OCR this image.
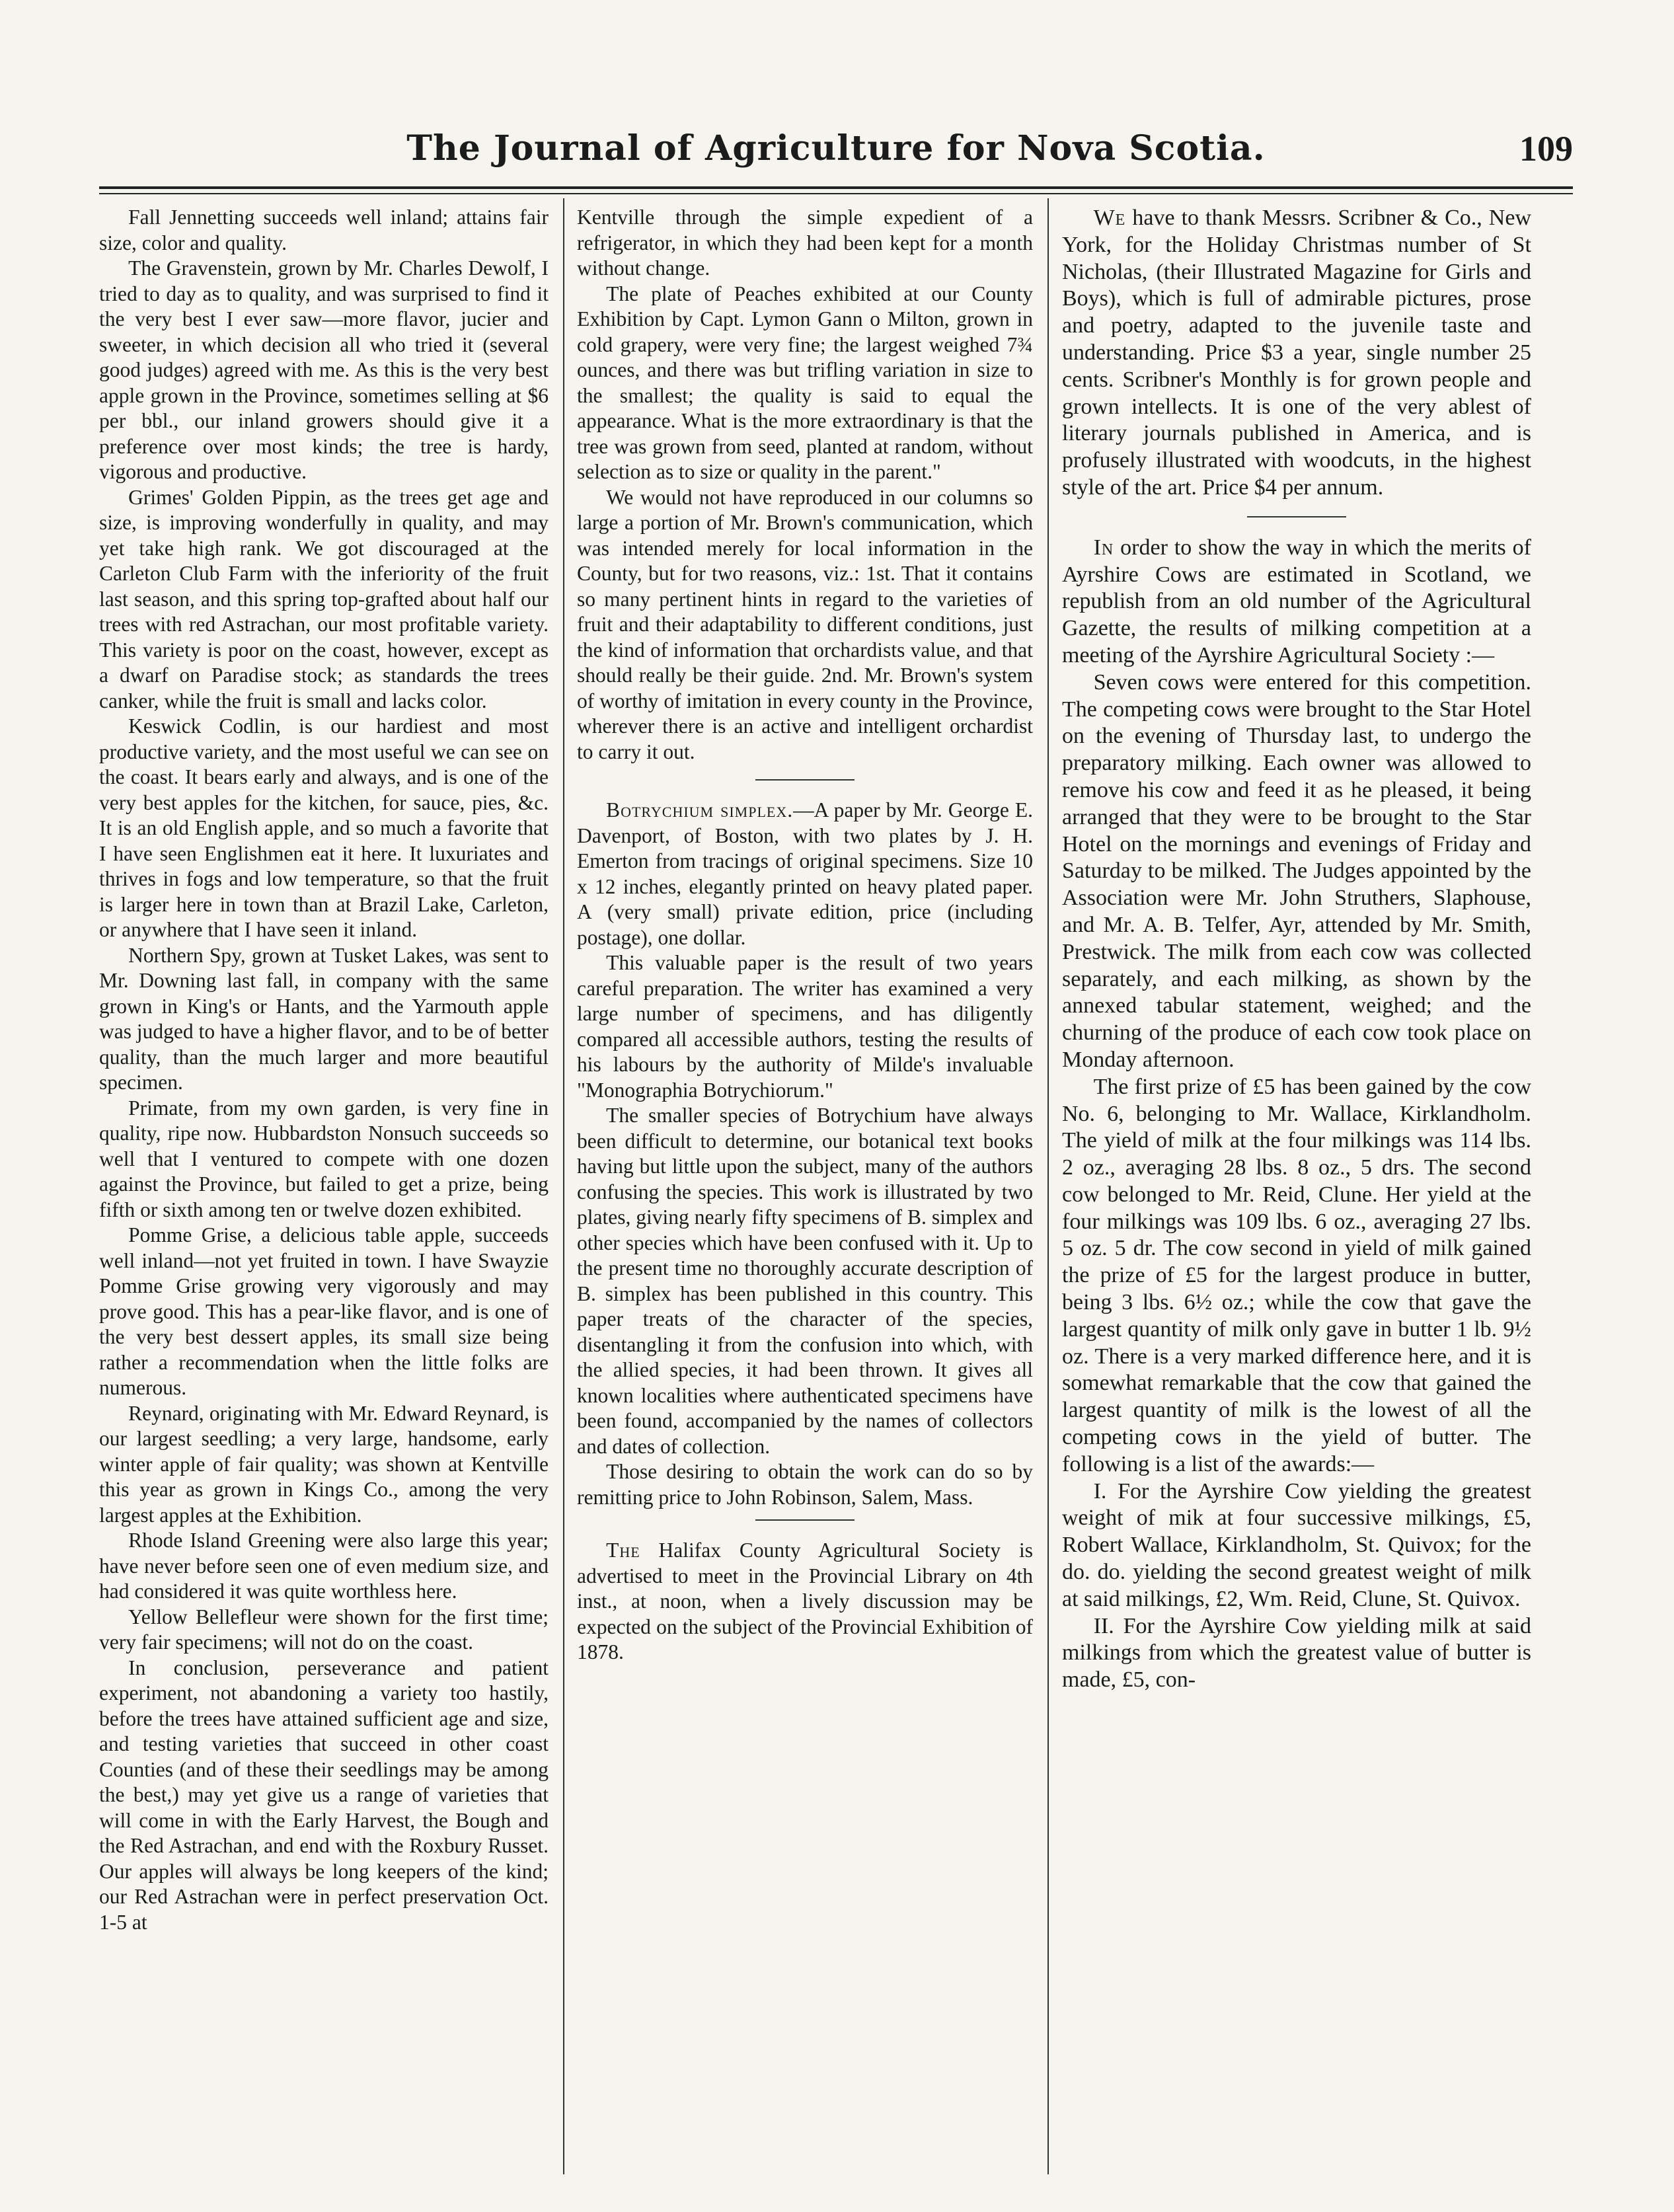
The Journal of Agriculture for Nova Scotia.	109

Fall Jennetting succeeds well inland; attains fair size, color and quality.

The Gravenstein, grown by Mr. Charles Dewolf, I tried to day as to quality, and was surprised to find it the very best I ever saw—more flavor, jucier and sweeter, in which decision all who tried it (several good judges) agreed with me. As this is the very best apple grown in the Province, sometimes selling at $6 per bbl., our inland growers should give it a preference over most kinds; the tree is hardy, vigorous and productive.

Grimes' Golden Pippin, as the trees get age and size, is improving wonderfully in quality, and may yet take high rank. We got discouraged at the Carleton Club Farm with the inferiority of the fruit last season, and this spring top-grafted about half our trees with red Astrachan, our most profitable variety. This variety is poor on the coast, however, except as a dwarf on Paradise stock; as standards the trees canker, while the fruit is small and lacks color.

Keswick Codlin, is our hardiest and most productive variety, and the most useful we can see on the coast. It bears early and always, and is one of the very best apples for the kitchen, for sauce, pies, &c. It is an old English apple, and so much a favorite that I have seen Englishmen eat it here. It luxuriates and thrives in fogs and low temperature, so that the fruit is larger here in town than at Brazil Lake, Carleton, or anywhere that I have seen it inland.

Northern Spy, grown at Tusket Lakes, was sent to Mr. Downing last fall, in company with the same grown in King's or Hants, and the Yarmouth apple was judged to have a higher flavor, and to be of better quality, than the much larger and more beautiful specimen.

Primate, from my own garden, is very fine in quality, ripe now. Hubbardston Nonsuch succeeds so well that I ventured to compete with one dozen against the Province, but failed to get a prize, being fifth or sixth among ten or twelve dozen exhibited.

Pomme Grise, a delicious table apple, succeeds well inland—not yet fruited in town. I have Swayzie Pomme Grise growing very vigorously and may prove good. This has a pear-like flavor, and is one of the very best dessert apples, its small size being rather a recommendation when the little folks are numerous.

Reynard, originating with Mr. Edward Reynard, is our largest seedling; a very large, handsome, early winter apple of fair quality; was shown at Kentville this year as grown in Kings Co., among the very largest apples at the Exhibition.

Rhode Island Greening were also large this year; have never before seen one of even medium size, and had considered it was quite worthless here.

Yellow Bellefleur were shown for the first time; very fair specimens; will not do on the coast.

In conclusion, perseverance and patient experiment, not abandoning a variety too hastily, before the trees have attained sufficient age and size, and testing varieties that succeed in other coast Counties (and of these their seedlings may be among the best,) may yet give us a range of varieties that will come in with the Early Harvest, the Bough and the Red Astrachan, and end with the Roxbury Russet. Our apples will always be long keepers of the kind; our Red Astrachan were in perfect preservation Oct. 1-5 at

Kentville through the simple expedient of a refrigerator, in which they had been kept for a month without change.

The plate of Peaches exhibited at our County Exhibition by Capt. Lymon Gann o Milton, grown in cold grapery, were very fine; the largest weighed 7¾ ounces, and there was but trifling variation in size to the smallest; the quality is said to equal the appearance. What is the more extraordinary is that the tree was grown from seed, planted at random, without selection as to size or quality in the parent."

We would not have reproduced in our columns so large a portion of Mr. Brown's communication, which was intended merely for local information in the County, but for two reasons, viz.: 1st. That it contains so many pertinent hints in regard to the varieties of fruit and their adaptability to different conditions, just the kind of information that orchardists value, and that should really be their guide. 2nd. Mr. Brown's system of worthy of imitation in every county in the Province, wherever there is an active and intelligent orchardist to carry it out.

Botrychium simplex.—A paper by Mr. George E. Davenport, of Boston, with two plates by J. H. Emerton from tracings of original specimens. Size 10 x 12 inches, elegantly printed on heavy plated paper. A (very small) private edition, price (including postage), one dollar.

This valuable paper is the result of two years careful preparation. The writer has examined a very large number of specimens, and has diligently compared all accessible authors, testing the results of his labours by the authority of Milde's invaluable "Monographia Botrychiorum."

The smaller species of Botrychium have always been difficult to determine, our botanical text books having but little upon the subject, many of the authors confusing the species. This work is illustrated by two plates, giving nearly fifty specimens of B. simplex and other species which have been confused with it. Up to the present time no thoroughly accurate description of B. simplex has been published in this country. This paper treats of the character of the species, disentangling it from the confusion into which, with the allied species, it had been thrown. It gives all known localities where authenticated specimens have been found, accompanied by the names of collectors and dates of collection.

Those desiring to obtain the work can do so by remitting price to John Robinson, Salem, Mass.

The Halifax County Agricultural Society is advertised to meet in the Provincial Library on 4th inst., at noon, when a lively discussion may be expected on the subject of the Provincial Exhibition of 1878.

We have to thank Messrs. Scribner & Co., New York, for the Holiday Christmas number of St Nicholas, (their Illustrated Magazine for Girls and Boys), which is full of admirable pictures, prose and poetry, adapted to the juvenile taste and understanding. Price $3 a year, single number 25 cents. Scribner's Monthly is for grown people and grown intellects. It is one of the very ablest of literary journals published in America, and is profusely illustrated with woodcuts, in the highest style of the art. Price $4 per annum.

In order to show the way in which the merits of Ayrshire Cows are estimated in Scotland, we republish from an old number of the Agricultural Gazette, the results of milking competition at a meeting of the Ayrshire Agricultural Society :—

Seven cows were entered for this competition. The competing cows were brought to the Star Hotel on the evening of Thursday last, to undergo the preparatory milking. Each owner was allowed to remove his cow and feed it as he pleased, it being arranged that they were to be brought to the Star Hotel on the mornings and evenings of Friday and Saturday to be milked. The Judges appointed by the Association were Mr. John Struthers, Slaphouse, and Mr. A. B. Telfer, Ayr, attended by Mr. Smith, Prestwick. The milk from each cow was collected separately, and each milking, as shown by the annexed tabular statement, weighed; and the churning of the produce of each cow took place on Monday afternoon.

The first prize of £5 has been gained by the cow No. 6, belonging to Mr. Wallace, Kirklandholm. The yield of milk at the four milkings was 114 lbs. 2 oz., averaging 28 lbs. 8 oz., 5 drs. The second cow belonged to Mr. Reid, Clune. Her yield at the four milkings was 109 lbs. 6 oz., averaging 27 lbs. 5 oz. 5 dr. The cow second in yield of milk gained the prize of £5 for the largest produce in butter, being 3 lbs. 6½ oz.; while the cow that gave the largest quantity of milk only gave in butter 1 lb. 9½ oz. There is a very marked difference here, and it is somewhat remarkable that the cow that gained the largest quantity of milk is the lowest of all the competing cows in the yield of butter. The following is a list of the awards:—

I. For the Ayrshire Cow yielding the greatest weight of mik at four successive milkings, £5, Robert Wallace, Kirklandholm, St. Quivox; for the do. do. yielding the second greatest weight of milk at said milkings, £2, Wm. Reid, Clune, St. Quivox.

II. For the Ayrshire Cow yielding milk at said milkings from which the greatest value of butter is made, £5, con-
